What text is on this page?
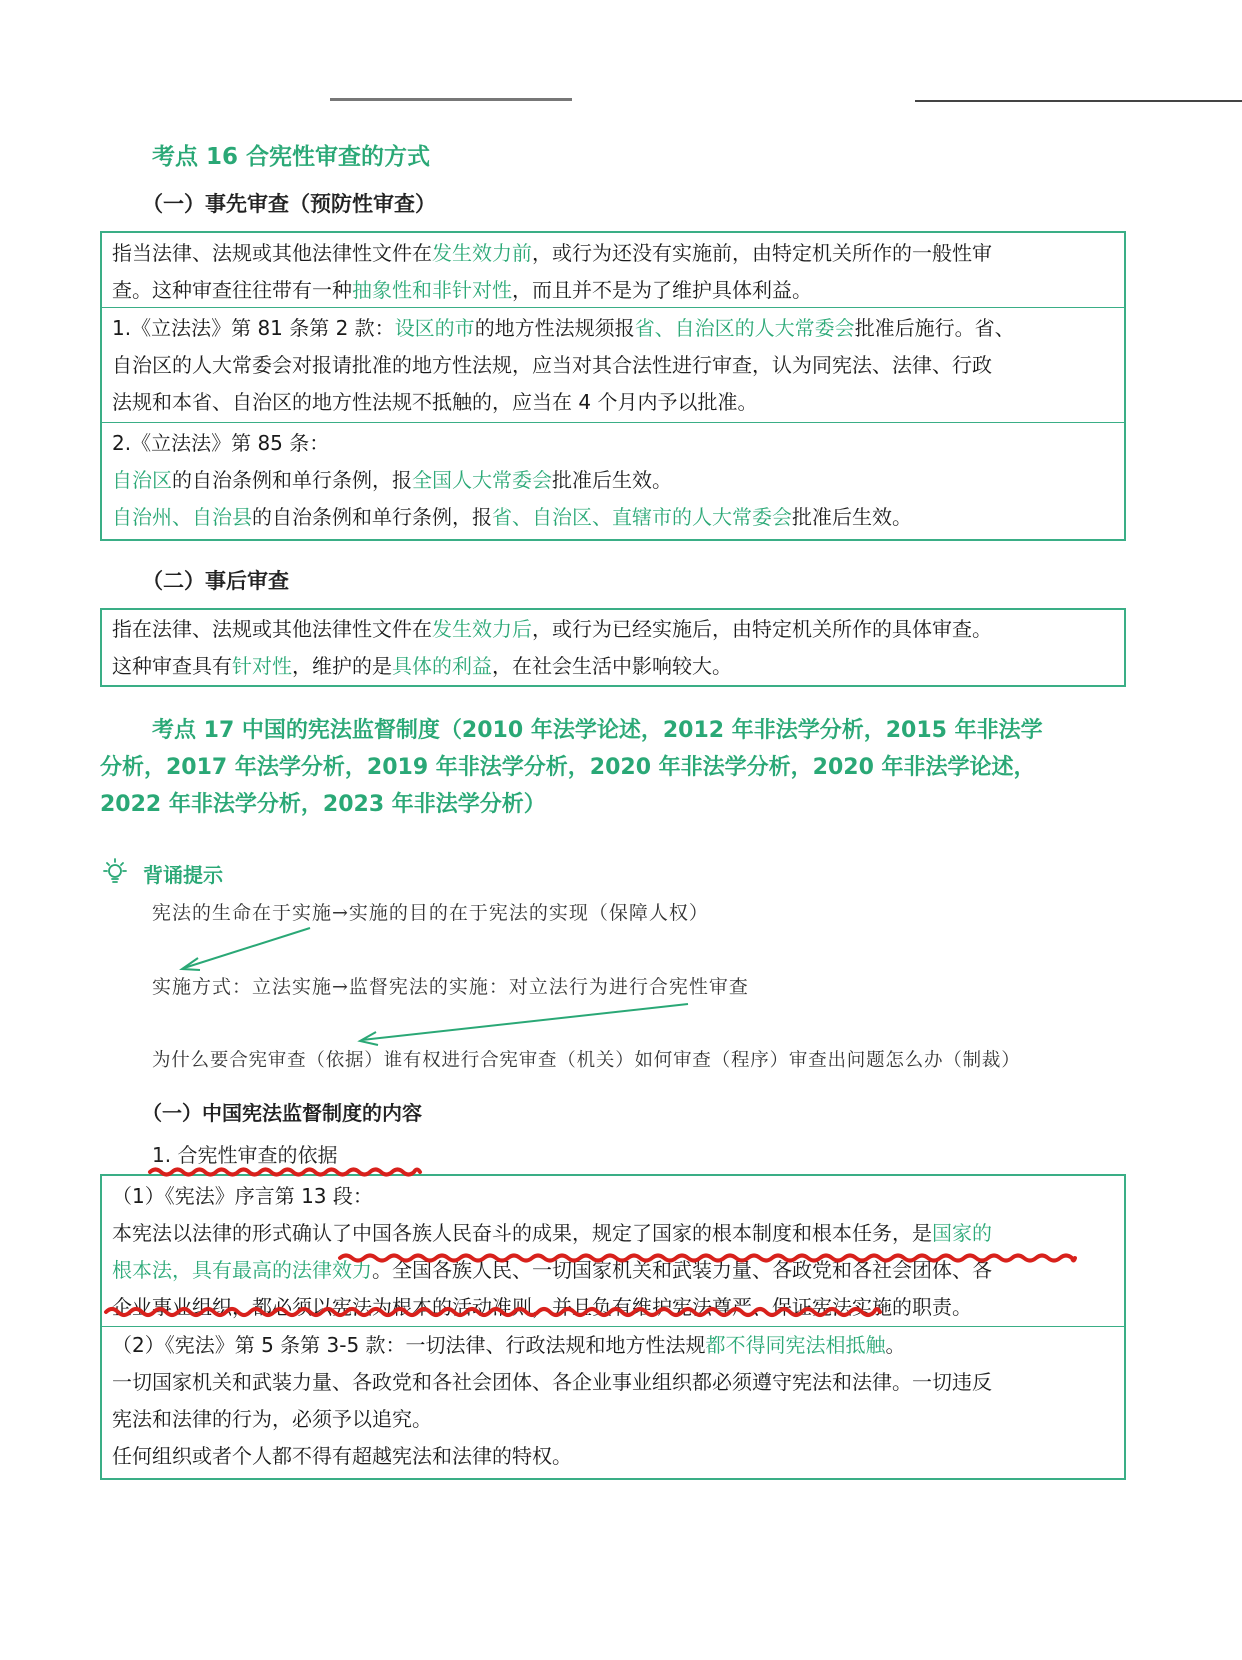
考点 16 合宪性审查的方式
（一）事先审查（预防性审查）
指当法律、法规或其他法律性文件在发生效力前，或行为还没有实施前，由特定机关所作的一般性审
查。这种审查往往带有一种抽象性和非针对性，而且并不是为了维护具体利益。
1.《立法法》第 81 条第 2 款：设区的市的地方性法规须报省、自治区的人大常委会批准后施行。省、
自治区的人大常委会对报请批准的地方性法规，应当对其合法性进行审查，认为同宪法、法律、行政
法规和本省、自治区的地方性法规不抵触的，应当在 4 个月内予以批准。
2.《立法法》第 85 条：
自治区的自治条例和单行条例，报全国人大常委会批准后生效。
自治州、自治县的自治条例和单行条例，报省、自治区、直辖市的人大常委会批准后生效。
（二）事后审查
指在法律、法规或其他法律性文件在发生效力后，或行为已经实施后，由特定机关所作的具体审查。
这种审查具有针对性，维护的是具体的利益，在社会生活中影响较大。
考点 17 中国的宪法监督制度（2010 年法学论述，2012 年非法学分析，2015 年非法学
分析，2017 年法学分析，2019 年非法学分析，2020 年非法学分析，2020 年非法学论述，
2022 年非法学分析，2023 年非法学分析）
背诵提示
宪法的生命在于实施→实施的目的在于宪法的实现（保障人权）
实施方式：立法实施→监督宪法的实施：对立法行为进行合宪性审查
为什么要合宪审查（依据）谁有权进行合宪审查（机关）如何审查（程序）审查出问题怎么办（制裁）
（一）中国宪法监督制度的内容
1. 合宪性审查的依据
（1）《宪法》序言第 13 段：
本宪法以法律的形式确认了中国各族人民奋斗的成果，规定了国家的根本制度和根本任务，是国家的
根本法，具有最高的法律效力。全国各族人民、一切国家机关和武装力量、各政党和各社会团体、各
企业事业组织，都必须以宪法为根本的活动准则，并且负有维护宪法尊严、保证宪法实施的职责。
（2）《宪法》第 5 条第 3-5 款：一切法律、行政法规和地方性法规都不得同宪法相抵触。
一切国家机关和武装力量、各政党和各社会团体、各企业事业组织都必须遵守宪法和法律。一切违反
宪法和法律的行为，必须予以追究。
任何组织或者个人都不得有超越宪法和法律的特权。
